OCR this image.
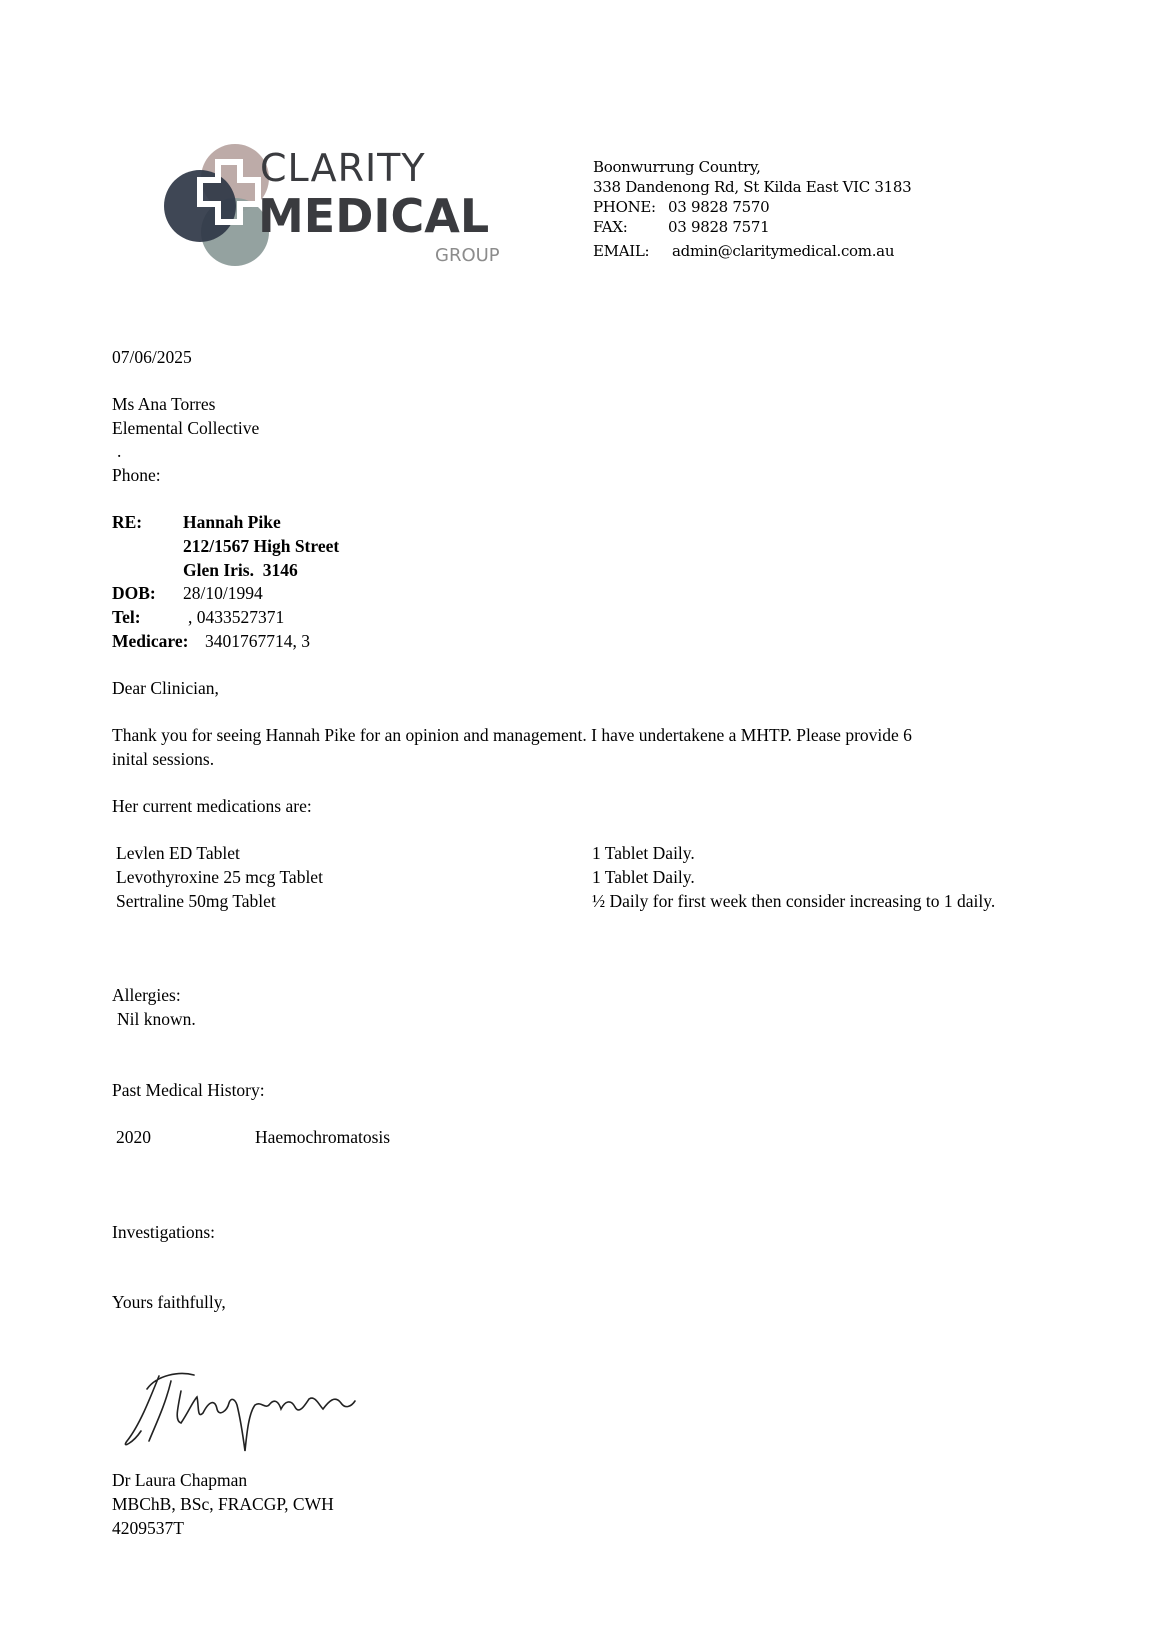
CLARITY

MEDICAL

GROUP

Boonwurrung Country,
338 Dandenong Rd, St Kilda East VIC 3183
PHONE: 03 9828 7570
FAX:	03 9828 7571
EMAIL: admin@claritymedical.com.au
07/06/2025
Ms Ana Torres
Elemental Collective
.
Phone:
RE: Hannah Pike
212/1567 High Street
Glen Iris.  3146
DOB: 28/10/1994
Tel:	, 0433527371
Medicare: 3401767714, 3
Dear Clinician,
Thank you for seeing Hannah Pike for an opinion and management. I have undertakene a MHTP. Please provide 6
inital sessions.
Her current medications are:
Levlen ED Tablet	1 Tablet Daily.
Levothyroxine 25 mcg Tablet	1 Tablet Daily.
Sertraline 50mg Tablet	½ Daily for first week then consider increasing to 1 daily.
Allergies:
Nil known.
Past Medical History:
2020	Haemochromatosis
Investigations:
Yours faithfully,

Dr Laura Chapman
MBChB, BSc, FRACGP, CWH
4209537T
